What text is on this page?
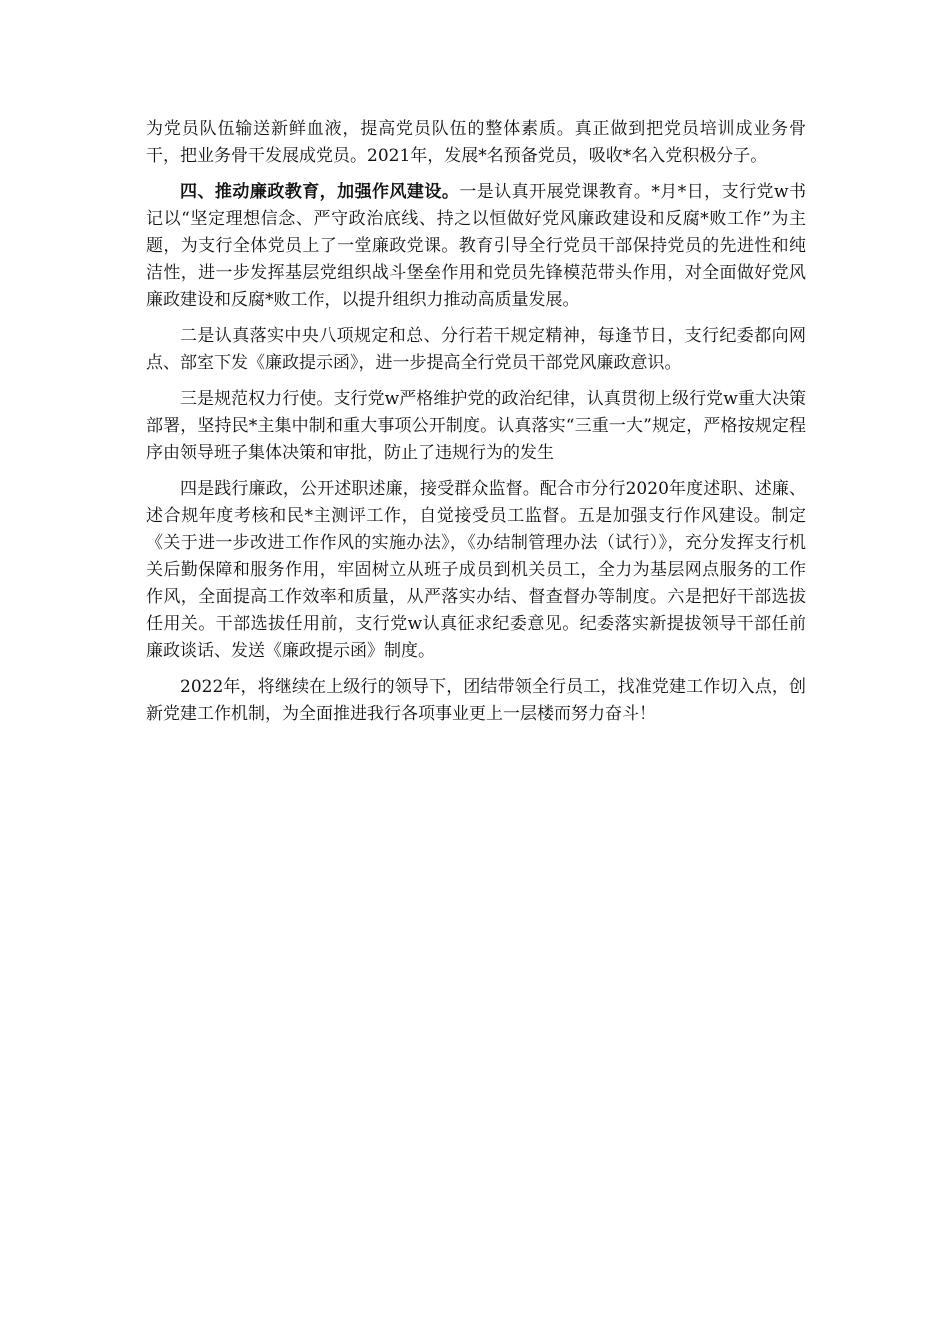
为党员队伍输送新鲜血液，提高党员队伍的整体素质。真正做到把党员培训成业务骨干，把业务骨干发展成党员。2021年，发展*名预备党员，吸收*名入党积极分子。

四、推动廉政教育，加强作风建设。一是认真开展党课教育。*月*日，支行党w书记以“坚定理想信念、严守政治底线、持之以恒做好党风廉政建设和反腐*败工作”为主题，为支行全体党员上了一堂廉政党课。教育引导全行党员干部保持党员的先进性和纯洁性，进一步发挥基层党组织战斗堡垒作用和党员先锋模范带头作用，对全面做好党风廉政建设和反腐*败工作，以提升组织力推动高质量发展。

二是认真落实中央八项规定和总、分行若干规定精神，每逢节日，支行纪委都向网点、部室下发《廉政提示函》，进一步提高全行党员干部党风廉政意识。

三是规范权力行使。支行党w严格维护党的政治纪律，认真贯彻上级行党w重大决策部署，坚持民*主集中制和重大事项公开制度。认真落实“三重一大”规定，严格按规定程序由领导班子集体决策和审批，防止了违规行为的发生

四是践行廉政，公开述职述廉，接受群众监督。配合市分行2020年度述职、述廉、述合规年度考核和民*主测评工作，自觉接受员工监督。五是加强支行作风建设。制定《关于进一步改进工作作风的实施办法》，《办结制管理办法（试行）》，充分发挥支行机关后勤保障和服务作用，牢固树立从班子成员到机关员工，全力为基层网点服务的工作作风，全面提高工作效率和质量，从严落实办结、督查督办等制度。六是把好干部选拔任用关。干部选拔任用前，支行党w认真征求纪委意见。纪委落实新提拔领导干部任前廉政谈话、发送《廉政提示函》制度。

2022年，将继续在上级行的领导下，团结带领全行员工，找准党建工作切入点，创新党建工作机制，为全面推进我行各项事业更上一层楼而努力奋斗！
